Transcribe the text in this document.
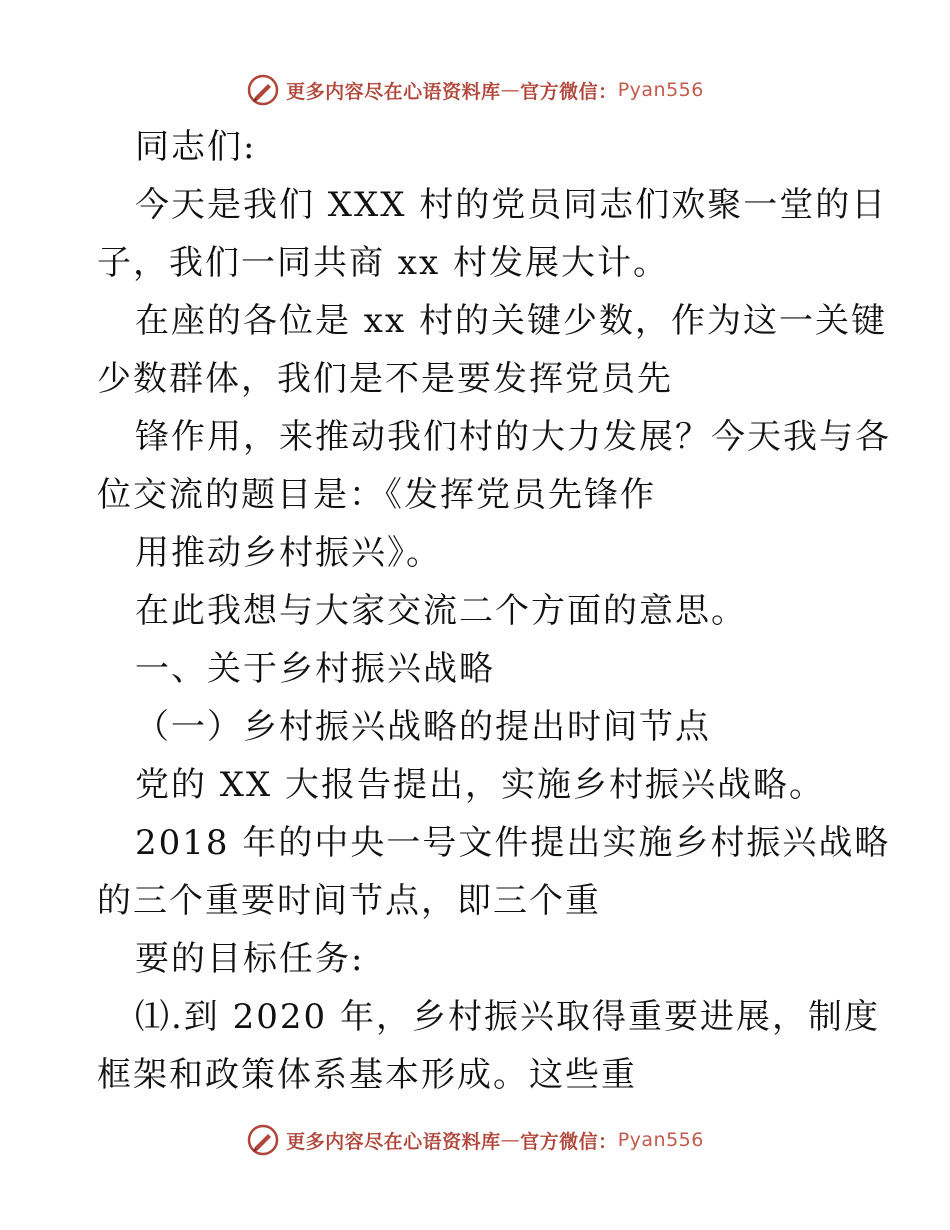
更多内容尽在心语资料库 — 官方微信： Pyan556
同志们:
今天是我们 XXX 村的党员同志们欢聚一堂的日
子，我们一同共商 xx 村发展大计。
在座的各位是 xx 村的关键少数，作为这一关键
少数群体，我们是不是要发挥党员先
锋作用，来推动我们村的大力发展？今天我与各
位交流的题目是：《发挥党员先锋作
用推动乡村振兴》。
在此我想与大家交流二个方面的意思。
一、关于乡村振兴战略
（一）乡村振兴战略的提出时间节点
党的 XX 大报告提出，实施乡村振兴战略。
2018 年的中央一号文件提出实施乡村振兴战略
的三个重要时间节点，即三个重
要的目标任务:
⑴.到 2020 年，乡村振兴取得重要进展，制度
框架和政策体系基本形成。这些重
更多内容尽在心语资料库 — 官方微信： Pyan556
